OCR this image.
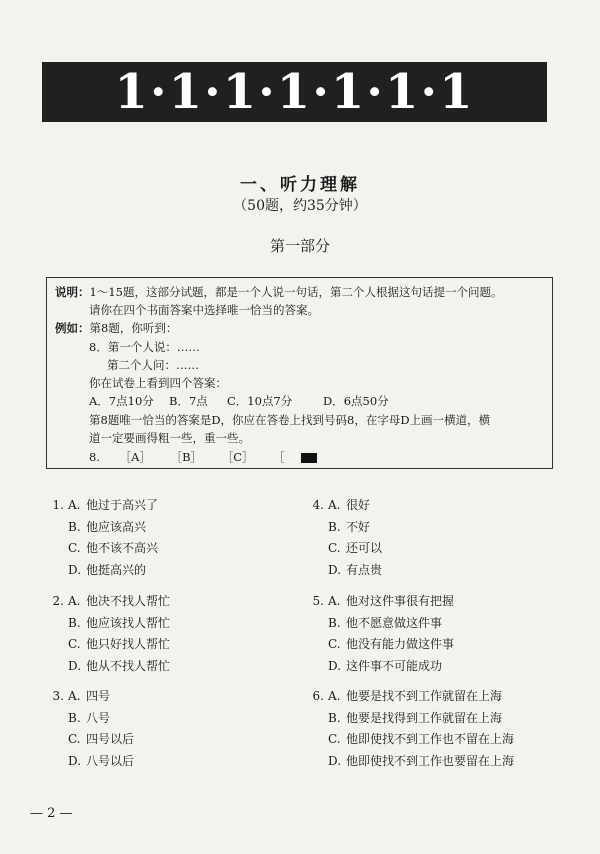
1·1·1·1·1·1·1
一、听力理解
（50题，约35分钟）
第一部分
说明：1～15题，这部分试题，都是一个人说一句话，第二个人根据这句话提一个问题。
请你在四个书面答案中选择唯一恰当的答案。
例如：第8题，你听到：
8．第一个人说：……
第二个人问：……
你在试卷上看到四个答案：
A．7点10分 B．7点 C．10点7分	D．6点50分
第8题唯一恰当的答案是D，你应在答卷上找到号码8，在字母D上画一横道，横
道一定要画得粗一些，重一些。
8. ［A］ ［B］ ［C］ ［
1. A. 他过于高兴了
B. 他应该高兴
C. 他不该不高兴
D. 他挺高兴的
4. A. 很好
B. 不好
C. 还可以
D. 有点贵
2. A. 他决不找人帮忙
B. 他应该找人帮忙
C. 他只好找人帮忙
D. 他从不找人帮忙
5. A. 他对这件事很有把握
B. 他不愿意做这件事
C. 他没有能力做这件事
D. 这件事不可能成功
3. A. 四号
B. 八号
C. 四号以后
D. 八号以后
6. A. 他要是找不到工作就留在上海
B. 他要是找得到工作就留在上海
C. 他即使找不到工作也不留在上海
D. 他即使找不到工作也要留在上海
— 2 —
